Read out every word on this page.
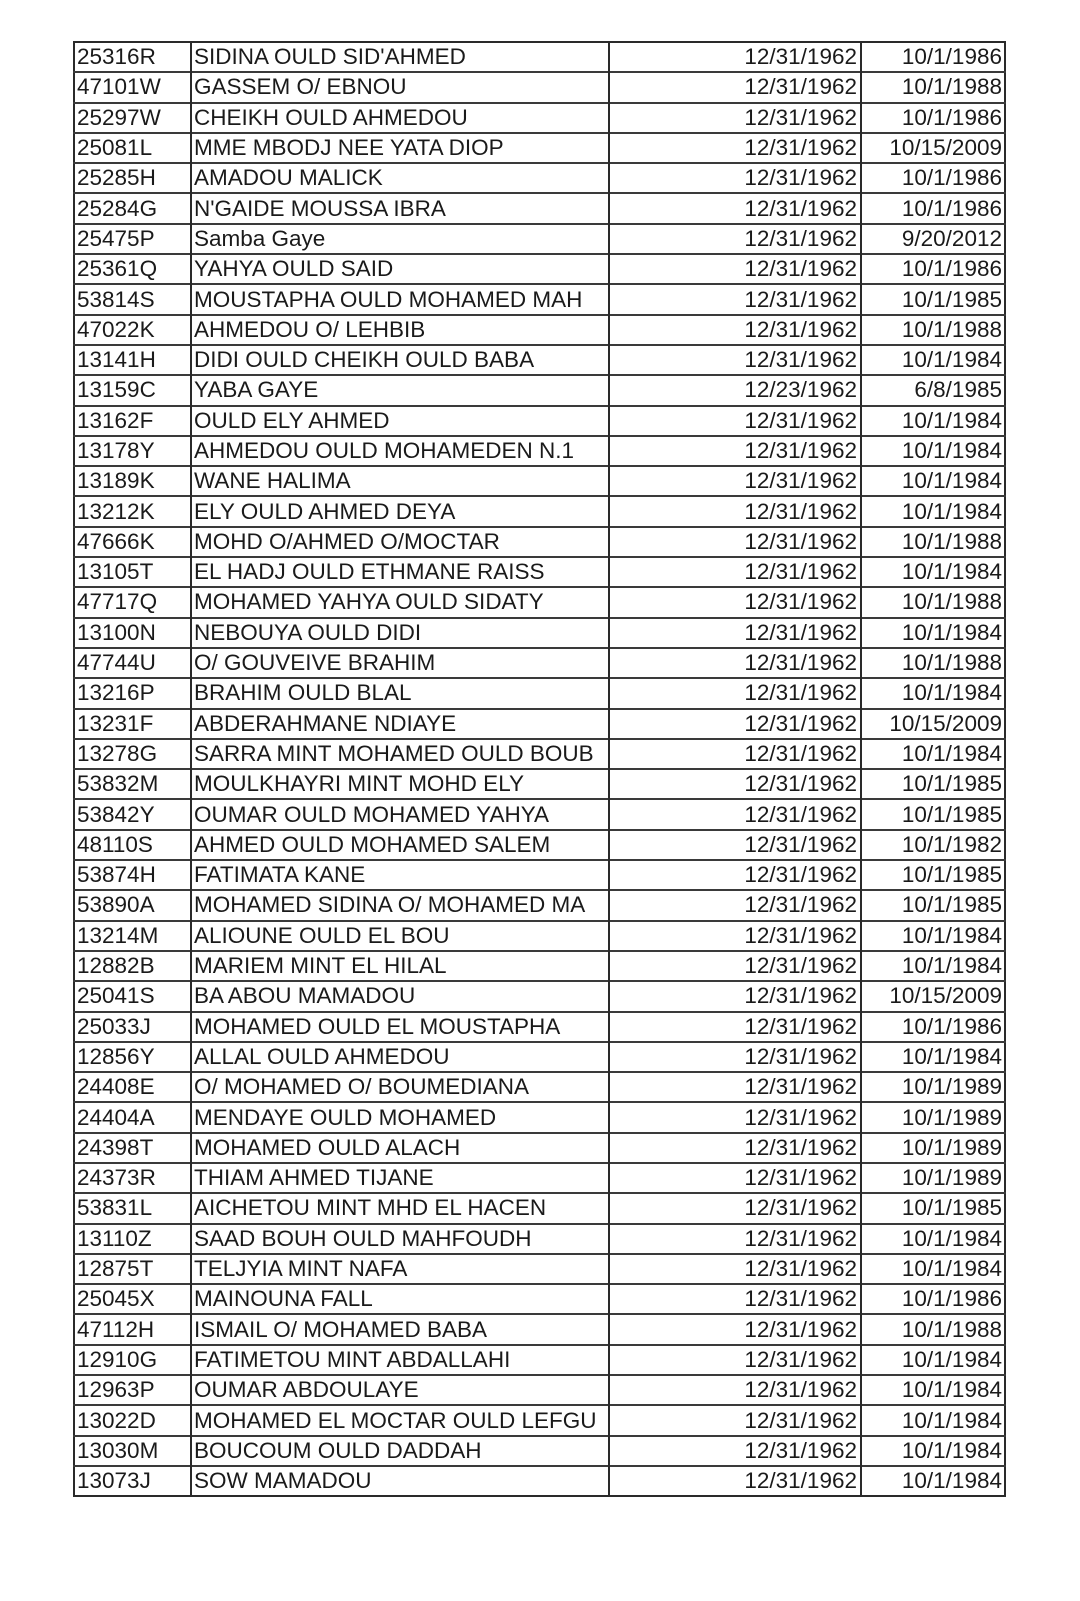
25316R	SIDINA OULD SID'AHMED	12/31/1962	10/1/1986
47101W	GASSEM O/ EBNOU	12/31/1962	10/1/1988
25297W	CHEIKH OULD AHMEDOU	12/31/1962	10/1/1986
25081L	MME MBODJ NEE YATA DIOP	12/31/1962	10/15/2009
25285H	AMADOU MALICK	12/31/1962	10/1/1986
25284G	N'GAIDE MOUSSA IBRA	12/31/1962	10/1/1986
25475P	Samba Gaye	12/31/1962	9/20/2012
25361Q	YAHYA OULD SAID	12/31/1962	10/1/1986
53814S	MOUSTAPHA OULD MOHAMED MAH	12/31/1962	10/1/1985
47022K	AHMEDOU O/ LEHBIB	12/31/1962	10/1/1988
13141H	DIDI OULD CHEIKH OULD BABA	12/31/1962	10/1/1984
13159C	YABA GAYE	12/23/1962	6/8/1985
13162F	OULD ELY AHMED	12/31/1962	10/1/1984
13178Y	AHMEDOU OULD MOHAMEDEN N.1	12/31/1962	10/1/1984
13189K	WANE HALIMA	12/31/1962	10/1/1984
13212K	ELY OULD AHMED DEYA	12/31/1962	10/1/1984
47666K	MOHD O/AHMED O/MOCTAR	12/31/1962	10/1/1988
13105T	EL HADJ OULD ETHMANE RAISS	12/31/1962	10/1/1984
47717Q	MOHAMED YAHYA OULD SIDATY	12/31/1962	10/1/1988
13100N	NEBOUYA OULD DIDI	12/31/1962	10/1/1984
47744U	O/ GOUVEIVE BRAHIM	12/31/1962	10/1/1988
13216P	BRAHIM OULD BLAL	12/31/1962	10/1/1984
13231F	ABDERAHMANE NDIAYE	12/31/1962	10/15/2009
13278G	SARRA MINT MOHAMED OULD BOUB	12/31/1962	10/1/1984
53832M	MOULKHAYRI MINT MOHD ELY	12/31/1962	10/1/1985
53842Y	OUMAR OULD MOHAMED YAHYA	12/31/1962	10/1/1985
48110S	AHMED OULD MOHAMED SALEM	12/31/1962	10/1/1982
53874H	FATIMATA KANE	12/31/1962	10/1/1985
53890A	MOHAMED SIDINA O/ MOHAMED MA	12/31/1962	10/1/1985
13214M	ALIOUNE OULD EL BOU	12/31/1962	10/1/1984
12882B	MARIEM MINT EL HILAL	12/31/1962	10/1/1984
25041S	BA ABOU MAMADOU	12/31/1962	10/15/2009
25033J	MOHAMED OULD EL MOUSTAPHA	12/31/1962	10/1/1986
12856Y	ALLAL OULD AHMEDOU	12/31/1962	10/1/1984
24408E	O/ MOHAMED O/ BOUMEDIANA	12/31/1962	10/1/1989
24404A	MENDAYE OULD MOHAMED	12/31/1962	10/1/1989
24398T	MOHAMED OULD ALACH	12/31/1962	10/1/1989
24373R	THIAM AHMED TIJANE	12/31/1962	10/1/1989
53831L	AICHETOU MINT MHD EL HACEN	12/31/1962	10/1/1985
13110Z	SAAD BOUH OULD MAHFOUDH	12/31/1962	10/1/1984
12875T	TELJYIA MINT NAFA	12/31/1962	10/1/1984
25045X	MAINOUNA FALL	12/31/1962	10/1/1986
47112H	ISMAIL O/ MOHAMED BABA	12/31/1962	10/1/1988
12910G	FATIMETOU MINT ABDALLAHI	12/31/1962	10/1/1984
12963P	OUMAR ABDOULAYE	12/31/1962	10/1/1984
13022D	MOHAMED EL MOCTAR OULD LEFGU	12/31/1962	10/1/1984
13030M	BOUCOUM OULD DADDAH	12/31/1962	10/1/1984
13073J	SOW MAMADOU	12/31/1962	10/1/1984
